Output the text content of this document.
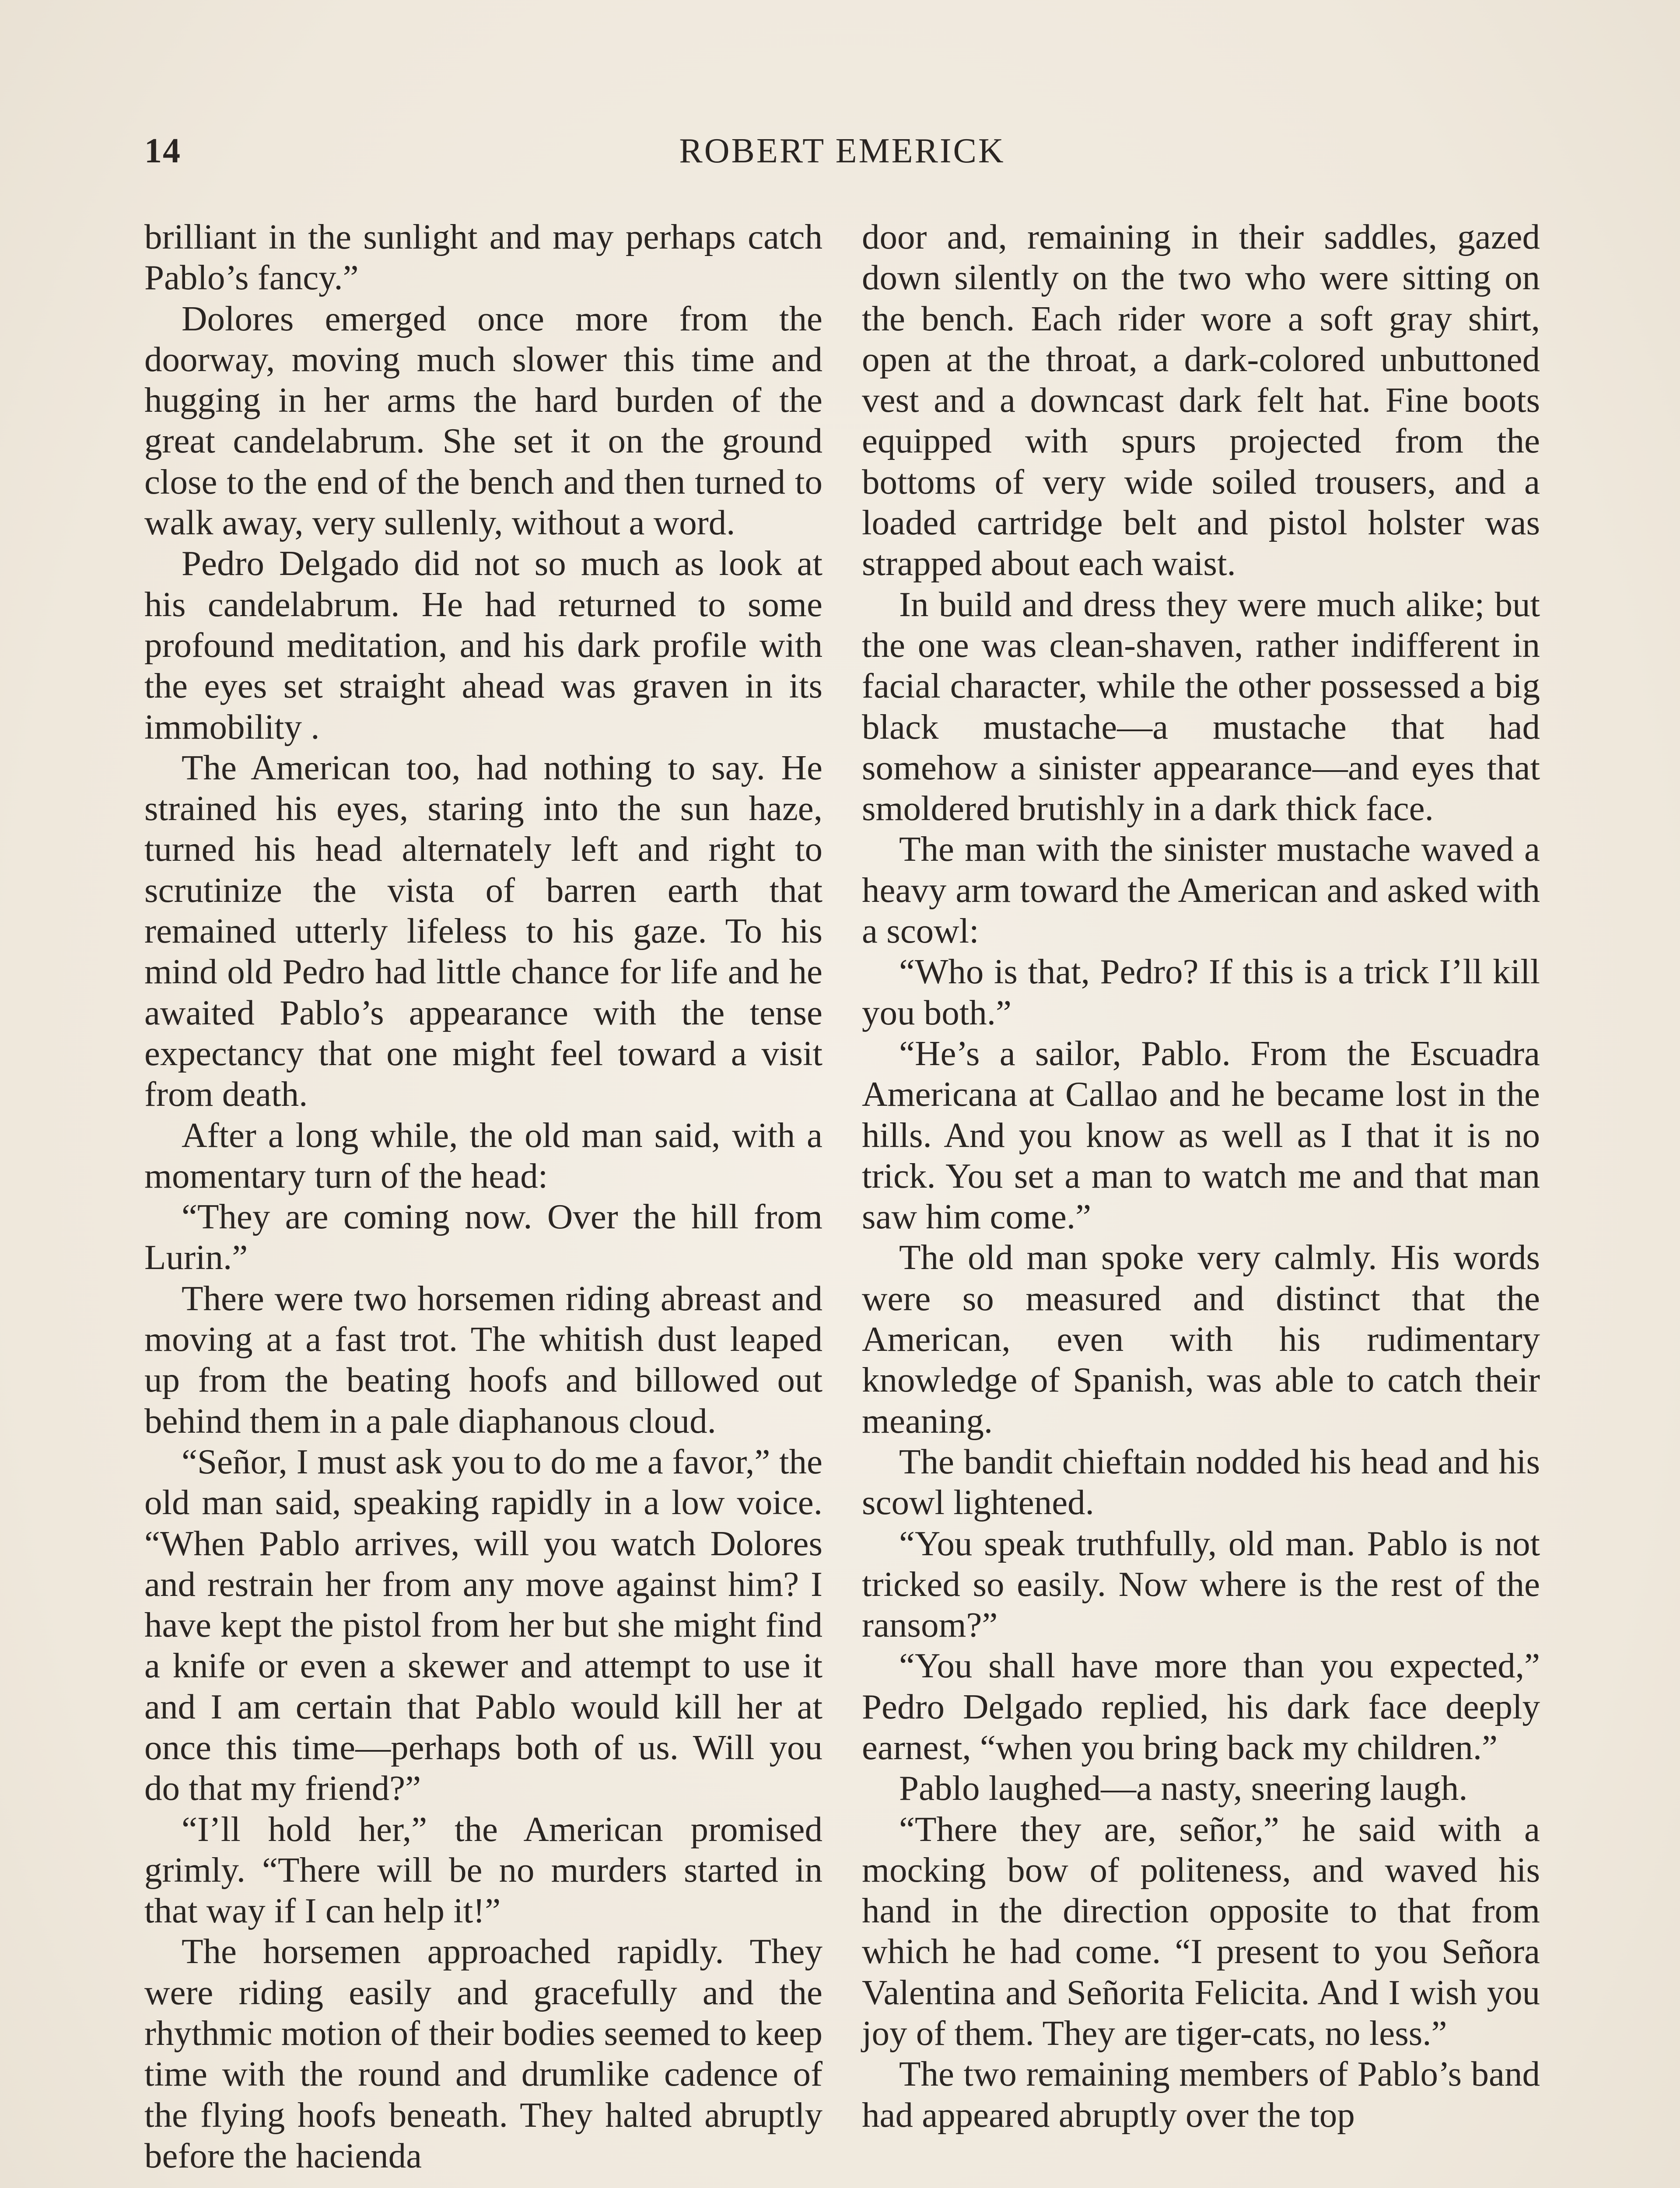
14	ROBERT EMERICK

brilliant in the sunlight and may perhaps catch Pablo’s fancy.”

Dolores emerged once more from the doorway, moving much slower this time and hugging in her arms the hard burden of the great candelabrum. She set it on the ground close to the end of the bench and then turned to walk away, very sullenly, without a word.

Pedro Delgado did not so much as look at his candelabrum. He had returned to some profound meditation, and his dark profile with the eyes set straight ahead was graven in its immobility .

The American too, had nothing to say. He strained his eyes, staring into the sun haze, turned his head alternately left and right to scrutinize the vista of barren earth that remained utterly lifeless to his gaze. To his mind old Pedro had little chance for life and he awaited Pablo’s appearance with the tense expectancy that one might feel toward a visit from death.

After a long while, the old man said, with a momentary turn of the head:

“They are coming now. Over the hill from Lurin.”

There were two horsemen riding abreast and moving at a fast trot. The whitish dust leaped up from the beating hoofs and billowed out behind them in a pale diaphanous cloud.

“Señor, I must ask you to do me a favor,” the old man said, speaking rapidly in a low voice. “When Pablo arrives, will you watch Dolores and restrain her from any move against him? I have kept the pistol from her but she might find a knife or even a skewer and attempt to use it and I am certain that Pablo would kill her at once this time—perhaps both of us. Will you do that my friend?”

“I’ll hold her,” the American promised grimly. “There will be no murders started in that way if I can help it!”

The horsemen approached rapidly. They were riding easily and gracefully and the rhythmic motion of their bodies seemed to keep time with the round and drumlike cadence of the flying hoofs beneath. They halted abruptly before the hacienda

door and, remaining in their saddles, gazed down silently on the two who were sitting on the bench. Each rider wore a soft gray shirt, open at the throat, a dark-colored unbuttoned vest and a downcast dark felt hat. Fine boots equipped with spurs projected from the bottoms of very wide soiled trousers, and a loaded cartridge belt and pistol holster was strapped about each waist.

In build and dress they were much alike; but the one was clean-shaven, rather indifferent in facial character, while the other possessed a big black mustache—a mustache that had somehow a sinister appearance—and eyes that smoldered brutishly in a dark thick face.

The man with the sinister mustache waved a heavy arm toward the American and asked with a scowl:

“Who is that, Pedro? If this is a trick I’ll kill you both.”

“He’s a sailor, Pablo. From the Escuadra Americana at Callao and he became lost in the hills. And you know as well as I that it is no trick. You set a man to watch me and that man saw him come.”

The old man spoke very calmly. His words were so measured and distinct that the American, even with his rudimentary knowledge of Spanish, was able to catch their meaning.

The bandit chieftain nodded his head and his scowl lightened.

“You speak truthfully, old man. Pablo is not tricked so easily. Now where is the rest of the ransom?”

“You shall have more than you expected,” Pedro Delgado replied, his dark face deeply earnest, “when you bring back my children.”

Pablo laughed—a nasty, sneering laugh.

“There they are, señor,” he said with a mocking bow of politeness, and waved his hand in the direction opposite to that from which he had come. “I present to you Señora Valentina and Señorita Felicita. And I wish you joy of them. They are tiger-cats, no less.”

The two remaining members of Pablo’s band had appeared abruptly over the top
